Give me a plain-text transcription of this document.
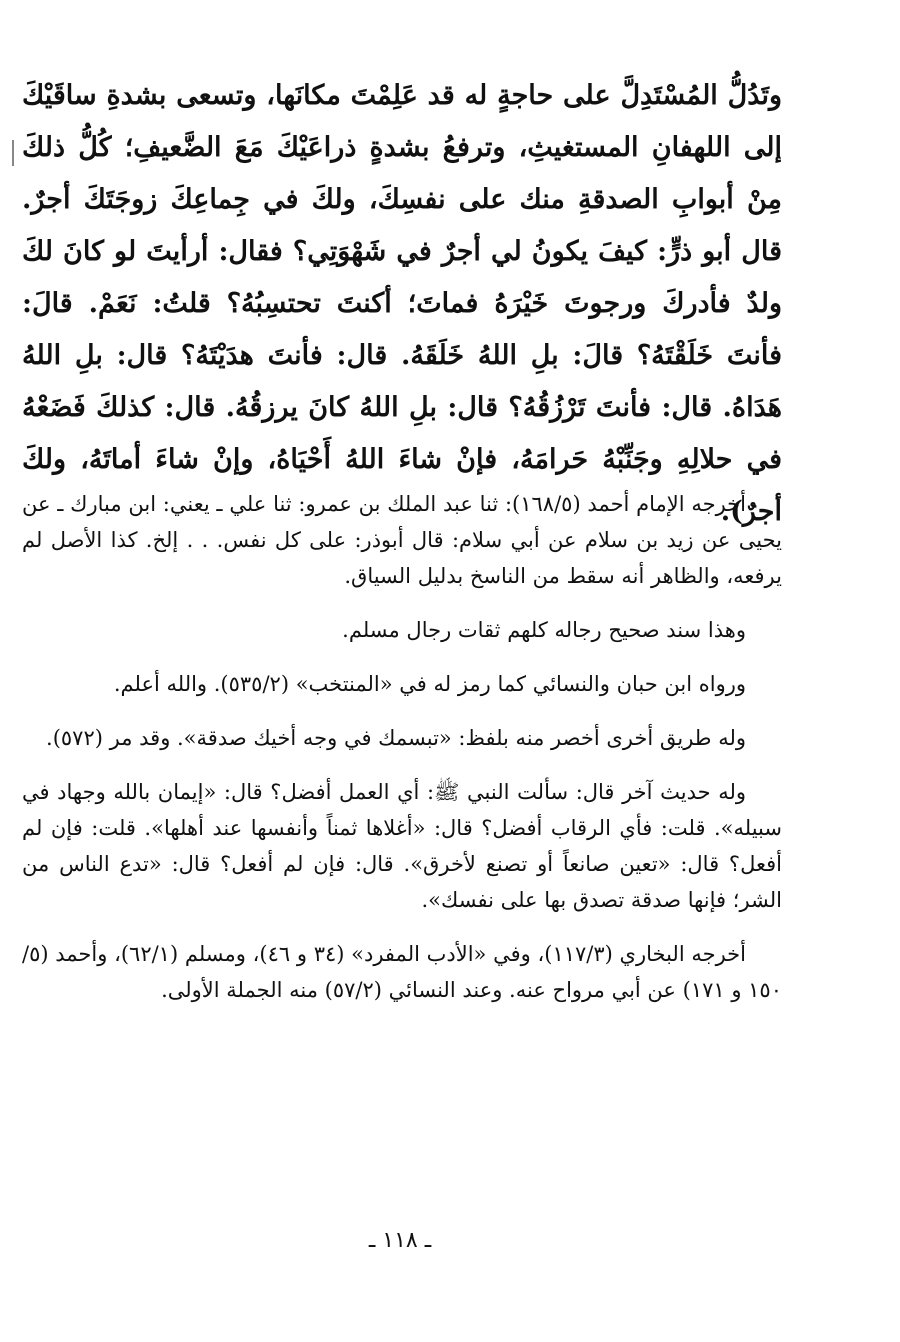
وتَدُلُّ المُسْتَدِلَّ على حاجةٍ له قد عَلِمْتَ مكانَها، وتسعى بشدةِ ساقَيْكَ إلى اللهفانِ المستغيثِ، وترفعُ بشدةٍ ذراعَيْكَ مَعَ الضَّعيفِ؛ كُلُّ ذلكَ مِنْ أبوابِ الصدقةِ منك على نفسِكَ، ولكَ في جِماعِكَ زوجَتَكَ أجرٌ. قال أبو ذرٍّ: كيفَ يكونُ لي أجرٌ في شَهْوَتِي؟ فقال: أرأيتَ لو كانَ لكَ ولدٌ فأدركَ ورجوتَ خَيْرَهُ فماتَ؛ أكنتَ تحتسِبُهُ؟ قلتُ: نَعَمْ. قالَ: فأنتَ خَلَقْتَهُ؟ قالَ: بلِ اللهُ خَلَقَهُ. قال: فأنتَ هدَيْتَهُ؟ قال: بلِ اللهُ هَدَاهُ. قال: فأنتَ تَرْزُقُهُ؟ قال: بلِ اللهُ كانَ يرزقُهُ. قال: كذلكَ فَضَعْهُ في حلالِهِ وجَنِّبْهُ حَرامَهُ، فإنْ شاءَ اللهُ أَحْيَاهُ، وإنْ شاءَ أماتَهُ، ولكَ أجرٌ).

أخرجه الإمام أحمد (١٦٨/٥): ثنا عبد الملك بن عمرو: ثنا علي ـ يعني: ابن مبارك ـ عن يحيى عن زيد بن سلام عن أبي سلام: قال أبوذر: على كل نفس. . . إلخ. كذا الأصل لم يرفعه، والظاهر أنه سقط من الناسخ بدليل السياق.

وهذا سند صحيح رجاله كلهم ثقات رجال مسلم.

ورواه ابن حبان والنسائي كما رمز له في «المنتخب» (٥٣٥/٢). والله أعلم.

وله طريق أخرى أخصر منه بلفظ: «تبسمك في وجه أخيك صدقة». وقد مر (٥٧٢).

وله حديث آخر قال: سألت النبي ﷺ: أي العمل أفضل؟ قال: «إيمان بالله وجهاد في سبيله». قلت: فأي الرقاب أفضل؟ قال: «أغلاها ثمناً وأنفسها عند أهلها». قلت: فإن لم أفعل؟ قال: «تعين صانعاً أو تصنع لأخرق». قال: فإن لم أفعل؟ قال: «تدع الناس من الشر؛ فإنها صدقة تصدق بها على نفسك».

أخرجه البخاري (١١٧/٣)، وفي «الأدب المفرد» (٣٤ و ٤٦)، ومسلم (٦٢/١)، وأحمد (٥/ ١٥٠ و ١٧١) عن أبي مرواح عنه. وعند النسائي (٥٧/٢) منه الجملة الأولى.

ـ ١١٨ ـ
